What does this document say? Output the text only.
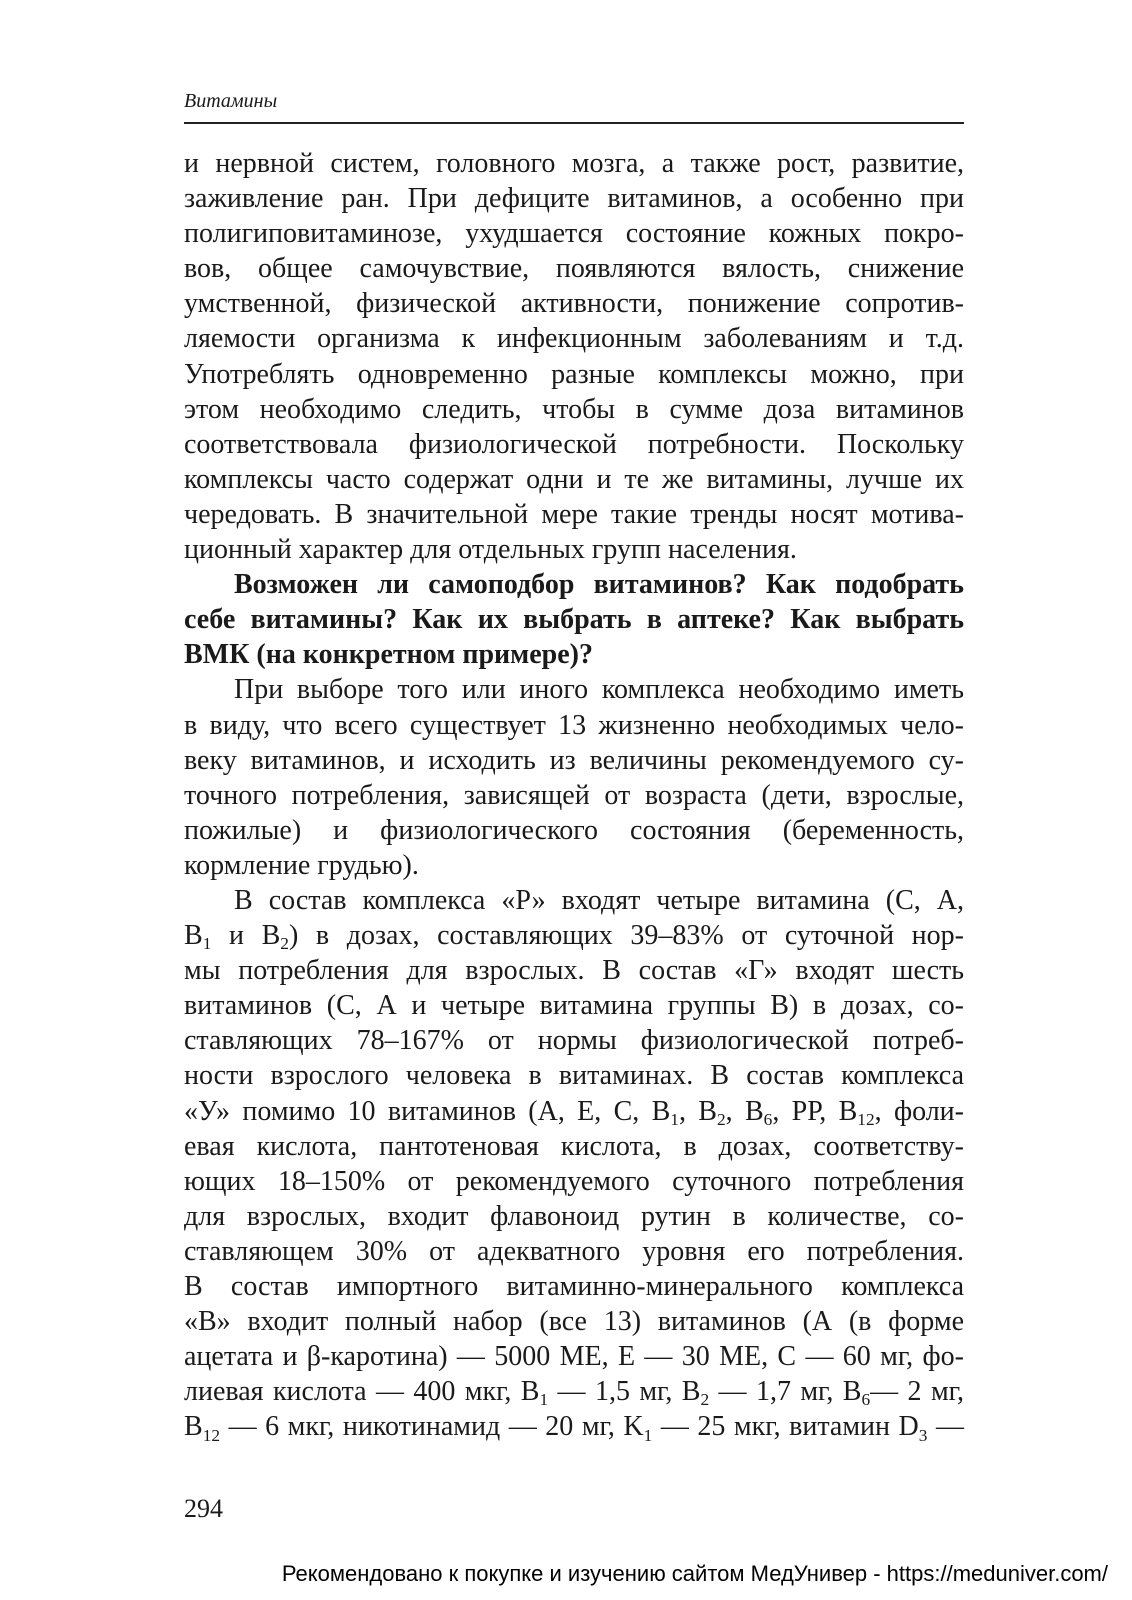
Витамины
и нервной систем, головного мозга, а также рост, развитие,
заживление ран. При дефиците витаминов, а особенно при
полигиповитаминозе, ухудшается состояние кожных покро-
вов, общее самочувствие, появляются вялость, снижение
умственной, физической активности, понижение сопротив-
ляемости организма к инфекционным заболеваниям и т.д.
Употреблять одновременно разные комплексы можно, при
этом необходимо следить, чтобы в сумме доза витаминов
соответствовала физиологической потребности. Поскольку
комплексы часто содержат одни и те же витамины, лучше их
чередовать. В значительной мере такие тренды носят мотива-
ционный характер для отдельных групп населения.
Возможен ли самоподбор витаминов? Как подобрать
себе витамины? Как их выбрать в аптеке? Как выбрать
ВМК (на конкретном примере)?
При выборе того или иного комплекса необходимо иметь
в виду, что всего существует 13 жизненно необходимых чело-
веку витаминов, и исходить из величины рекомендуемого су-
точного потребления, зависящей от возраста (дети, взрослые,
пожилые) и физиологического состояния (беременность,
кормление грудью).
В состав комплекса «Р» входят четыре витамина (С, А,
$B_1$ и $B_2$) в дозах, составляющих 39–83% от суточной нор-
мы потребления для взрослых. В состав «Г» входят шесть
витаминов (С, А и четыре витамина группы В) в дозах, со-
ставляющих 78–167% от нормы физиологической потреб-
ности взрослого человека в витаминах. В состав комплекса
«У» помимо 10 витаминов (А, Е, С, $B_1$, $B_2$, $B_6$, РР, $B_{12}$, фоли-
евая кислота, пантотеновая кислота, в дозах, соответству-
ющих 18–150% от рекомендуемого суточного потребления
для взрослых, входит флавоноид рутин в количестве, со-
ставляющем 30% от адекватного уровня его потребления.
В состав импортного витаминно-минерального комплекса
«В» входит полный набор (все 13) витаминов (А (в форме
ацетата и β-каротина) — 5000 МЕ, Е — 30 МЕ, С — 60 мг, фо-
лиевая кислота — 400 мкг, $B_1$ — 1,5 мг, $B_2$ — 1,7 мг, $B_6—$ 2 мг,
$B_{12}$ — 6 мкг, никотинамид — 20 мг, $K_1$ — 25 мкг, витамин $D_3$ —
294
Рекомендовано к покупке и изучению сайтом МедУнивер - https://meduniver.com/
